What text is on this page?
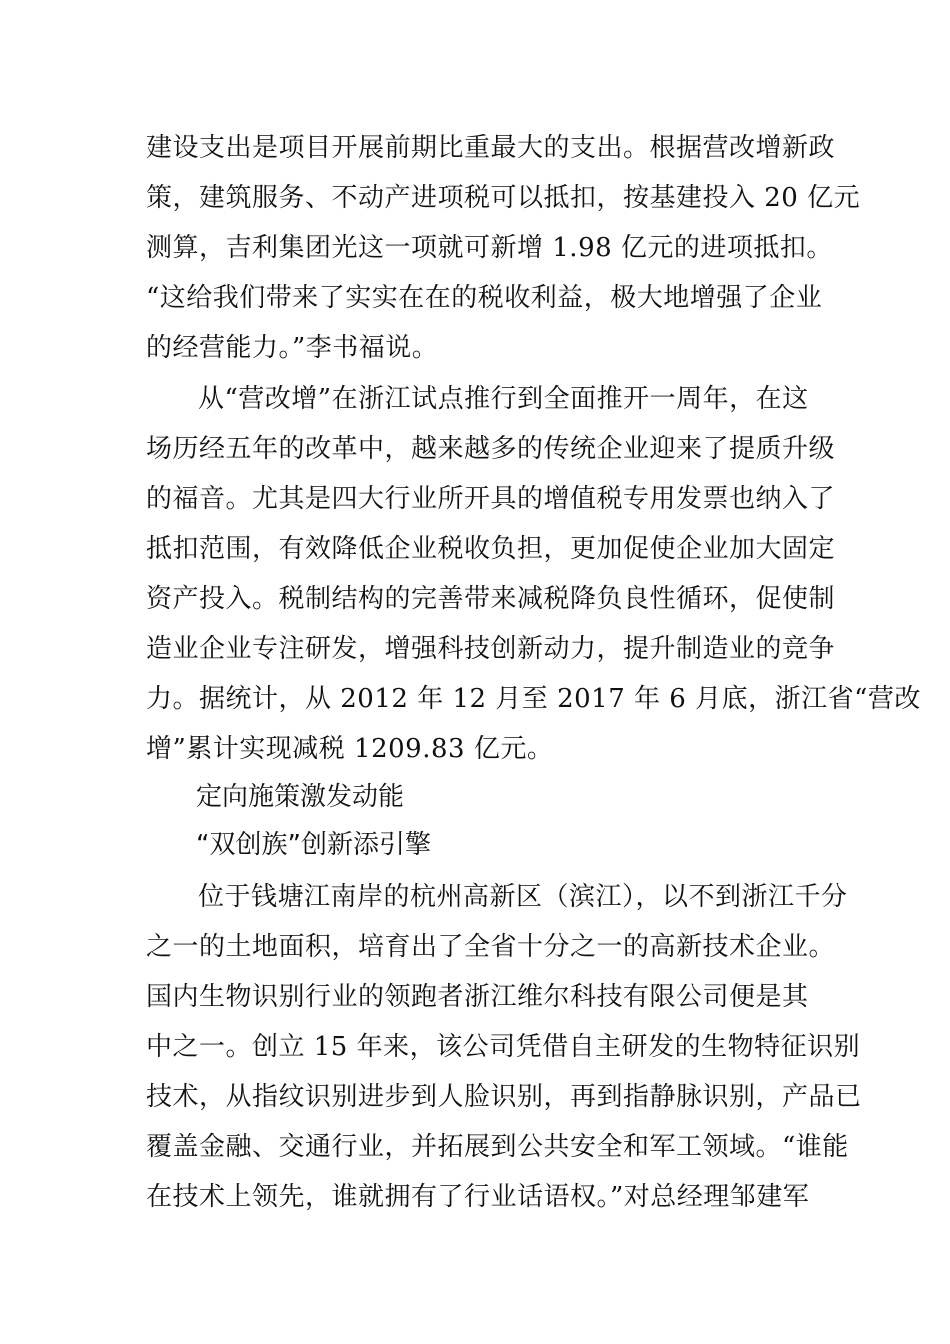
建设支出是项目开展前期比重最大的支出。根据营改增新政
策，建筑服务、不动产进项税可以抵扣，按基建投入 20 亿元
测算，吉利集团光这一项就可新增 1.98 亿元的进项抵扣。
“这给我们带来了实实在在的税收利益，极大地增强了企业
的经营能力。”李书福说。
从“营改增”在浙江试点推行到全面推开一周年，在这
场历经五年的改革中，越来越多的传统企业迎来了提质升级
的福音。尤其是四大行业所开具的增值税专用发票也纳入了
抵扣范围，有效降低企业税收负担，更加促使企业加大固定
资产投入。税制结构的完善带来减税降负良性循环，促使制
造业企业专注研发，增强科技创新动力，提升制造业的竞争
力。据统计，从 2012 年 12 月至 2017 年 6 月底，浙江省“营改
增”累计实现减税 1209.83 亿元。
定向施策激发动能
“双创族”创新添引擎
位于钱塘江南岸的杭州高新区（滨江），以不到浙江千分
之一的土地面积，培育出了全省十分之一的高新技术企业。
国内生物识别行业的领跑者浙江维尔科技有限公司便是其
中之一。创立 15 年来，该公司凭借自主研发的生物特征识别
技术，从指纹识别进步到人脸识别，再到指静脉识别，产品已
覆盖金融、交通行业，并拓展到公共安全和军工领域。“谁能
在技术上领先，谁就拥有了行业话语权。”对总经理邹建军
